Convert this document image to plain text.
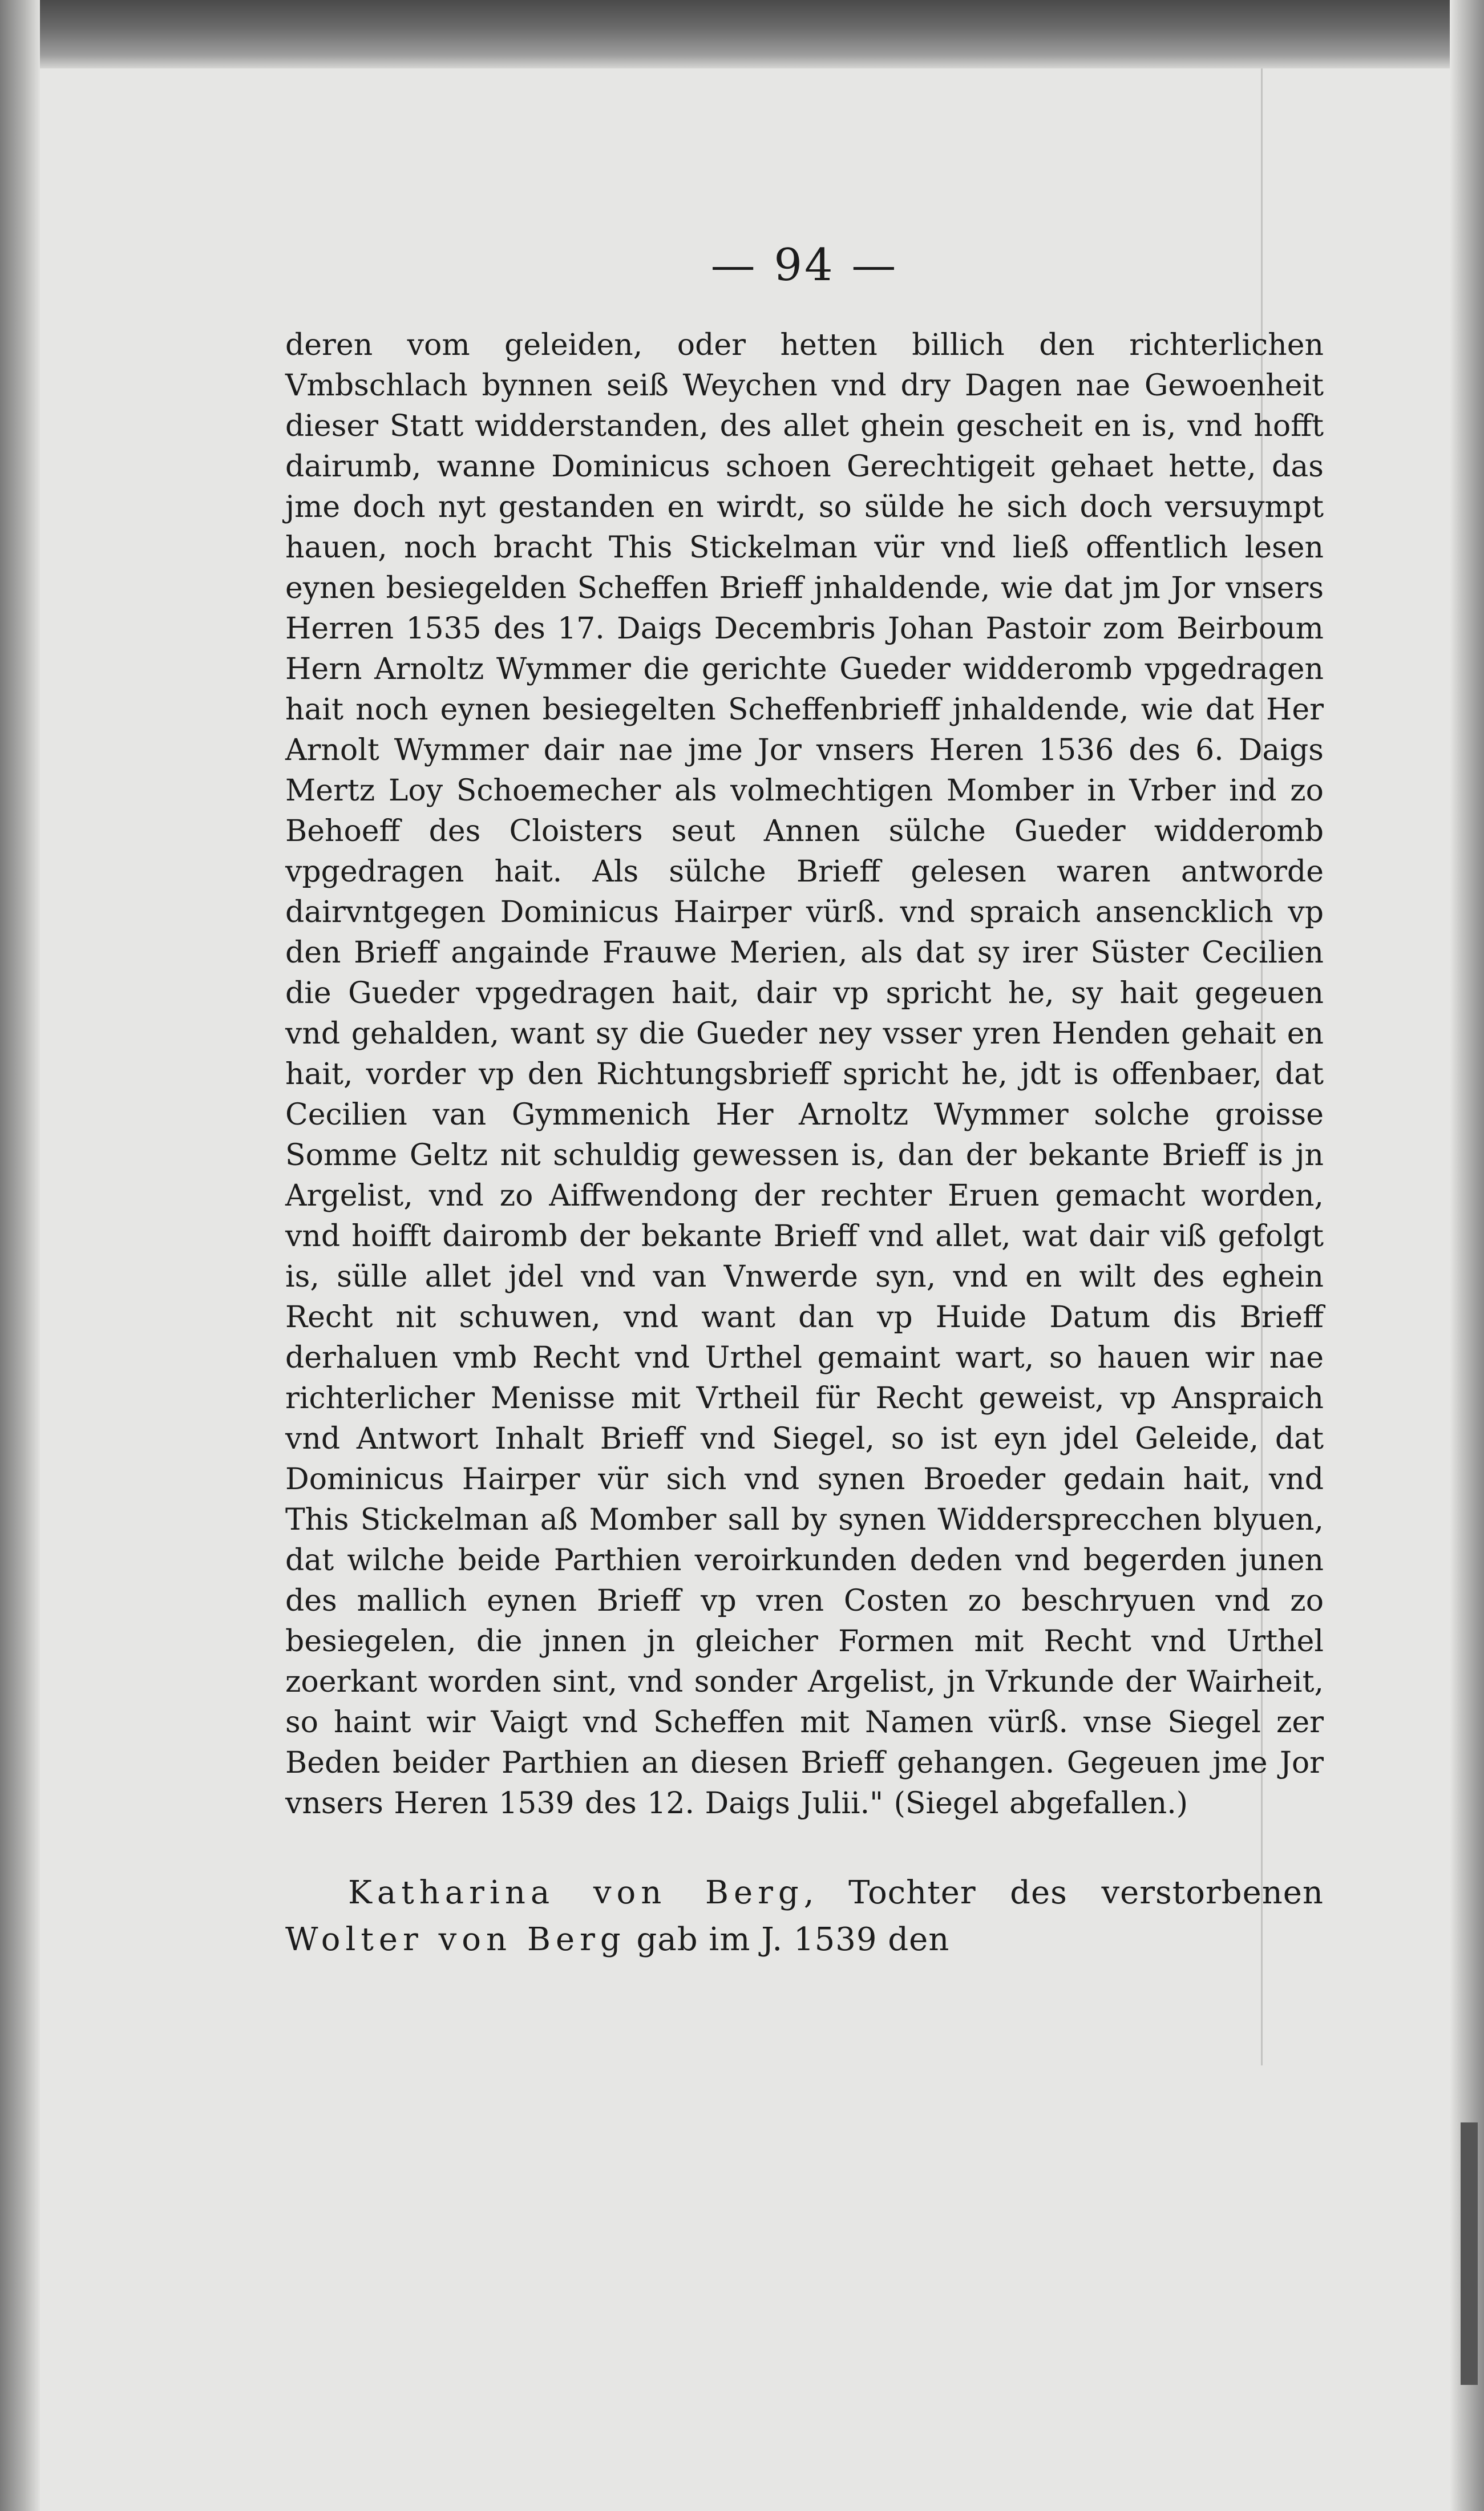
— 94 —

deren vom geleiden, oder hetten billich den richterlichen Vmbschlach bynnen seiß Weychen vnd dry Dagen nae Gewoenheit dieser Statt widderstanden, des allet ghein gescheit en is, vnd hofft dairumb, wanne Dominicus schoen Gerechtigeit gehaet hette, das jme doch nyt gestanden en wirdt, so sülde he sich doch versuympt hauen, noch bracht This Stickelman vür vnd ließ offentlich lesen eynen besiegelden Scheffen Brieff jnhaldende, wie dat jm Jor vnsers Herren 1535 des 17. Daigs Decembris Johan Pastoir zom Beirboum Hern Arnoltz Wymmer die gerichte Gueder widderomb vpgedragen hait noch eynen besiegelten Scheffenbrieff jnhaldende, wie dat Her Arnolt Wymmer dair nae jme Jor vnsers Heren 1536 des 6. Daigs Mertz Loy Schoemecher als volmechtigen Momber in Vrber ind zo Behoeff des Cloisters seut Annen sülche Gueder widderomb vpgedragen hait. Als sülche Brieff gelesen waren antworde dairvntgegen Dominicus Hairper vürß. vnd spraich ansencklich vp den Brieff angainde Frauwe Merien, als dat sy irer Süster Cecilien die Gueder vpgedragen hait, dair vp spricht he, sy hait gegeuen vnd gehalden, want sy die Gueder ney vsser yren Henden gehait en hait, vorder vp den Richtungsbrieff spricht he, jdt is offenbaer, dat Cecilien van Gymmenich Her Arnoltz Wymmer solche groisse Somme Geltz nit schuldig gewessen is, dan der bekante Brieff is jn Argelist, vnd zo Aiffwendong der rechter Eruen gemacht worden, vnd hoifft dairomb der bekante Brieff vnd allet, wat dair viß gefolgt is, sülle allet jdel vnd van Vnwerde syn, vnd en wilt des eghein Recht nit schuwen, vnd want dan vp Huide Datum dis Brieff derhaluen vmb Recht vnd Urthel gemaint wart, so hauen wir nae richterlicher Menisse mit Vrtheil für Recht geweist, vp Anspraich vnd Antwort Inhalt Brieff vnd Siegel, so ist eyn jdel Geleide, dat Dominicus Hairper vür sich vnd synen Broeder gedain hait, vnd This Stickelman aß Momber sall by synen Widdersprecchen blyuen, dat wilche beide Parthien veroirkunden deden vnd begerden junen des mallich eynen Brieff vp vren Costen zo beschryuen vnd zo besiegelen, die jnnen jn gleicher Formen mit Recht vnd Urthel zoerkant worden sint, vnd sonder Argelist, jn Vrkunde der Wairheit, so haint wir Vaigt vnd Scheffen mit Namen vürß. vnse Siegel zer Beden beider Parthien an diesen Brieff gehangen. Gegeuen jme Jor vnsers Heren 1539 des 12. Daigs Julii." (Siegel abgefallen.)

Katharina von Berg, Tochter des verstorbenen Wolter von Berg gab im J. 1539 den
